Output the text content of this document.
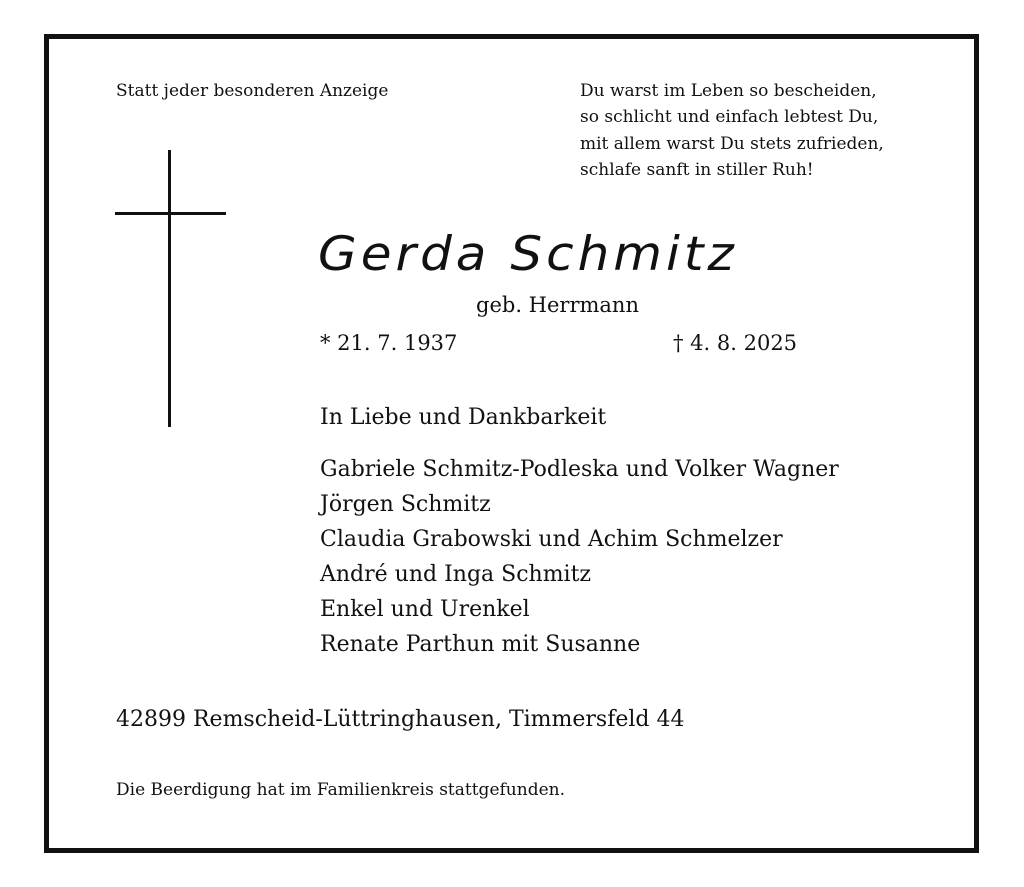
Statt jeder besonderen Anzeige	Du warst im Leben so bescheiden,
so schlicht und einfach lebtest Du,
mit allem warst Du stets zufrieden,
schlafe sanft in stiller Ruh!
Gerda Schmitz
geb. Herrmann
* 21. 7. 1937	† 4. 8. 2025
In Liebe und Dankbarkeit
Gabriele Schmitz-Podleska und Volker Wagner
Jörgen Schmitz
Claudia Grabowski und Achim Schmelzer
André und Inga Schmitz
Enkel und Urenkel
Renate Parthun mit Susanne
42899 Remscheid-Lüttringhausen, Timmersfeld 44
Die Beerdigung hat im Familienkreis stattgefunden.
